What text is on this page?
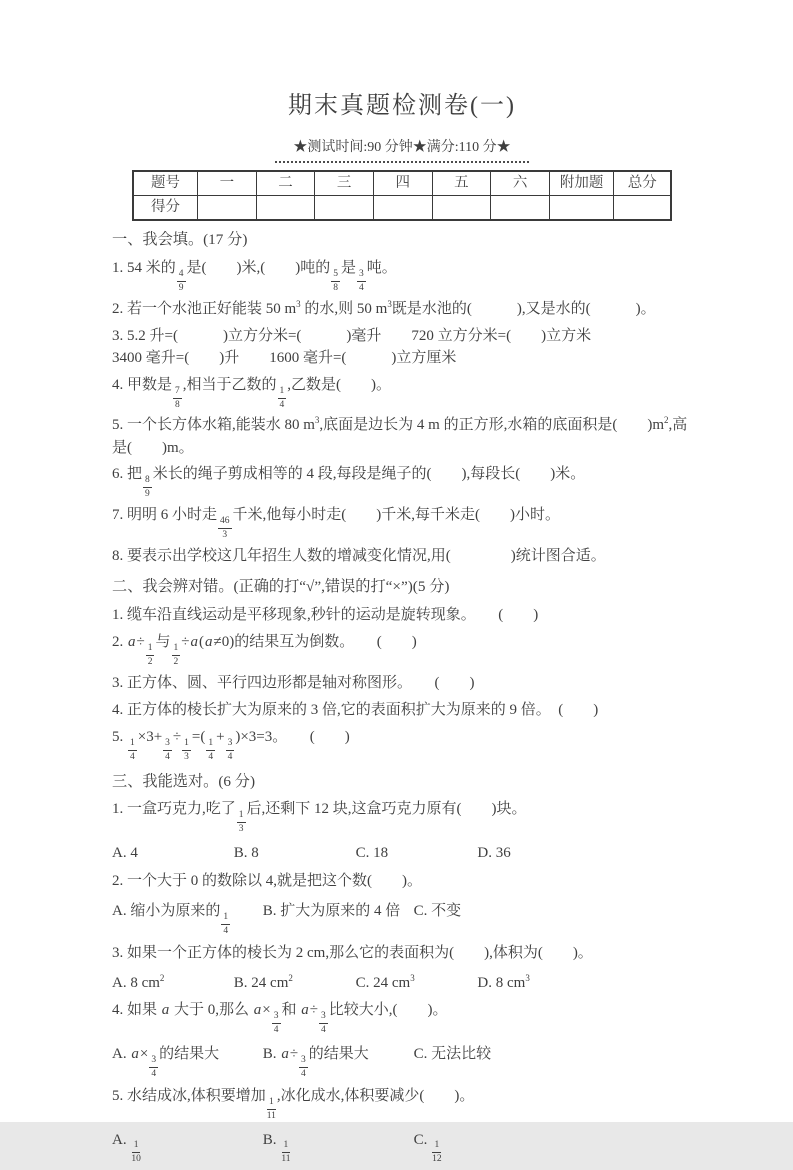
期末真题检测卷(一)
★测试时间:90 分钟★满分:110 分★
题号	一	二	三	四	五	六	附加题	总分
得分								
一、我会填。(17 分)
1. 54 米的
$\frac{4}{9}$
是(　　)米,(　　)吨的
$\frac{5}{8}$
是
$\frac{3}{4}$
吨。
2. 若一个水池正好能装 50 $m^3$ 的水,则 50 $m^3$既是水池的(　　　),又是水的(　　　)。
3. 5.2 升=(　　　)立方分米=(　　　)毫升　　720 立方分米=(　　)立方米
3400 毫升=(　　)升　　1600 毫升=(　　　)立方厘米
4. 甲数是
$\frac{7}{8}$
,相当于乙数的
$\frac{1}{4}$
,乙数是(　　)。
5. 一个长方体水箱,能装水 80 $m^3$,底面是边长为 4 m 的正方形,水箱的底面积是(　　)$m^2$,高是(　　)m。
6. 把
$\frac{8}{9}$
米长的绳子剪成相等的 4 段,每段是绳子的(　　),每段长(　　)米。
7. 明明 6 小时走
$\frac{46}{3}$
千米,他每小时走(　　)千米,每千米走(　　)小时。
8. 要表示出学校这几年招生人数的增减变化情况,用(　　　　)统计图合适。
二、我会辨对错。(正确的打“√”,错误的打“×”)(5 分)
1. 缆车沿直线运动是平移现象,秒针的运动是旋转现象。　　(　　)
2. a÷
$\frac{1}{2}$
与
$\frac{1}{2}$
÷a(a≠0)的结果互为倒数。　　(　　)
3. 正方体、圆、平行四边形都是轴对称图形。　　(　　)
4. 正方体的棱长扩大为原来的 3 倍,它的表面积扩大为原来的 9 倍。　(　　)
5.
$\frac{1}{4}$
×3+
$\frac{3}{4}$
÷
$\frac{1}{3}$
=(
$\frac{1}{4}$
+
$\frac{3}{4}$
)×3=3。　　(　　)
三、我能选对。(6 分)
1. 一盒巧克力,吃了
$\frac{1}{3}$
后,还剩下 12 块,这盒巧克力原有(　　)块。
A. 4	B. 8	C. 18	D. 36
2. 一个大于 0 的数除以 4,就是把这个数(　　)。
A. 缩小为原来的
$\frac{1}{4}$
B. 扩大为原来的 4 倍 C. 不变
3. 如果一个正方体的棱长为 2 cm,那么它的表面积为(　　),体积为(　　)。
A. 8 $cm^2$	B. 24 $cm^2$	C. 24 $cm^3$	D. 8 $cm^3$
4. 如果 a 大于 0,那么 a×
$\frac{3}{4}$
和 a÷
$\frac{3}{4}$
比较大小,(　　)。
A. a×
$\frac{3}{4}$
的结果大	B. a÷
$\frac{3}{4}$
的结果大	C. 无法比较
5. 水结成冰,体积要增加
$\frac{1}{11}$
,冰化成水,体积要减少(　　)。
A.
$\frac{1}{10}$
B.
$\frac{1}{11}$
C.
$\frac{1}{12}$
